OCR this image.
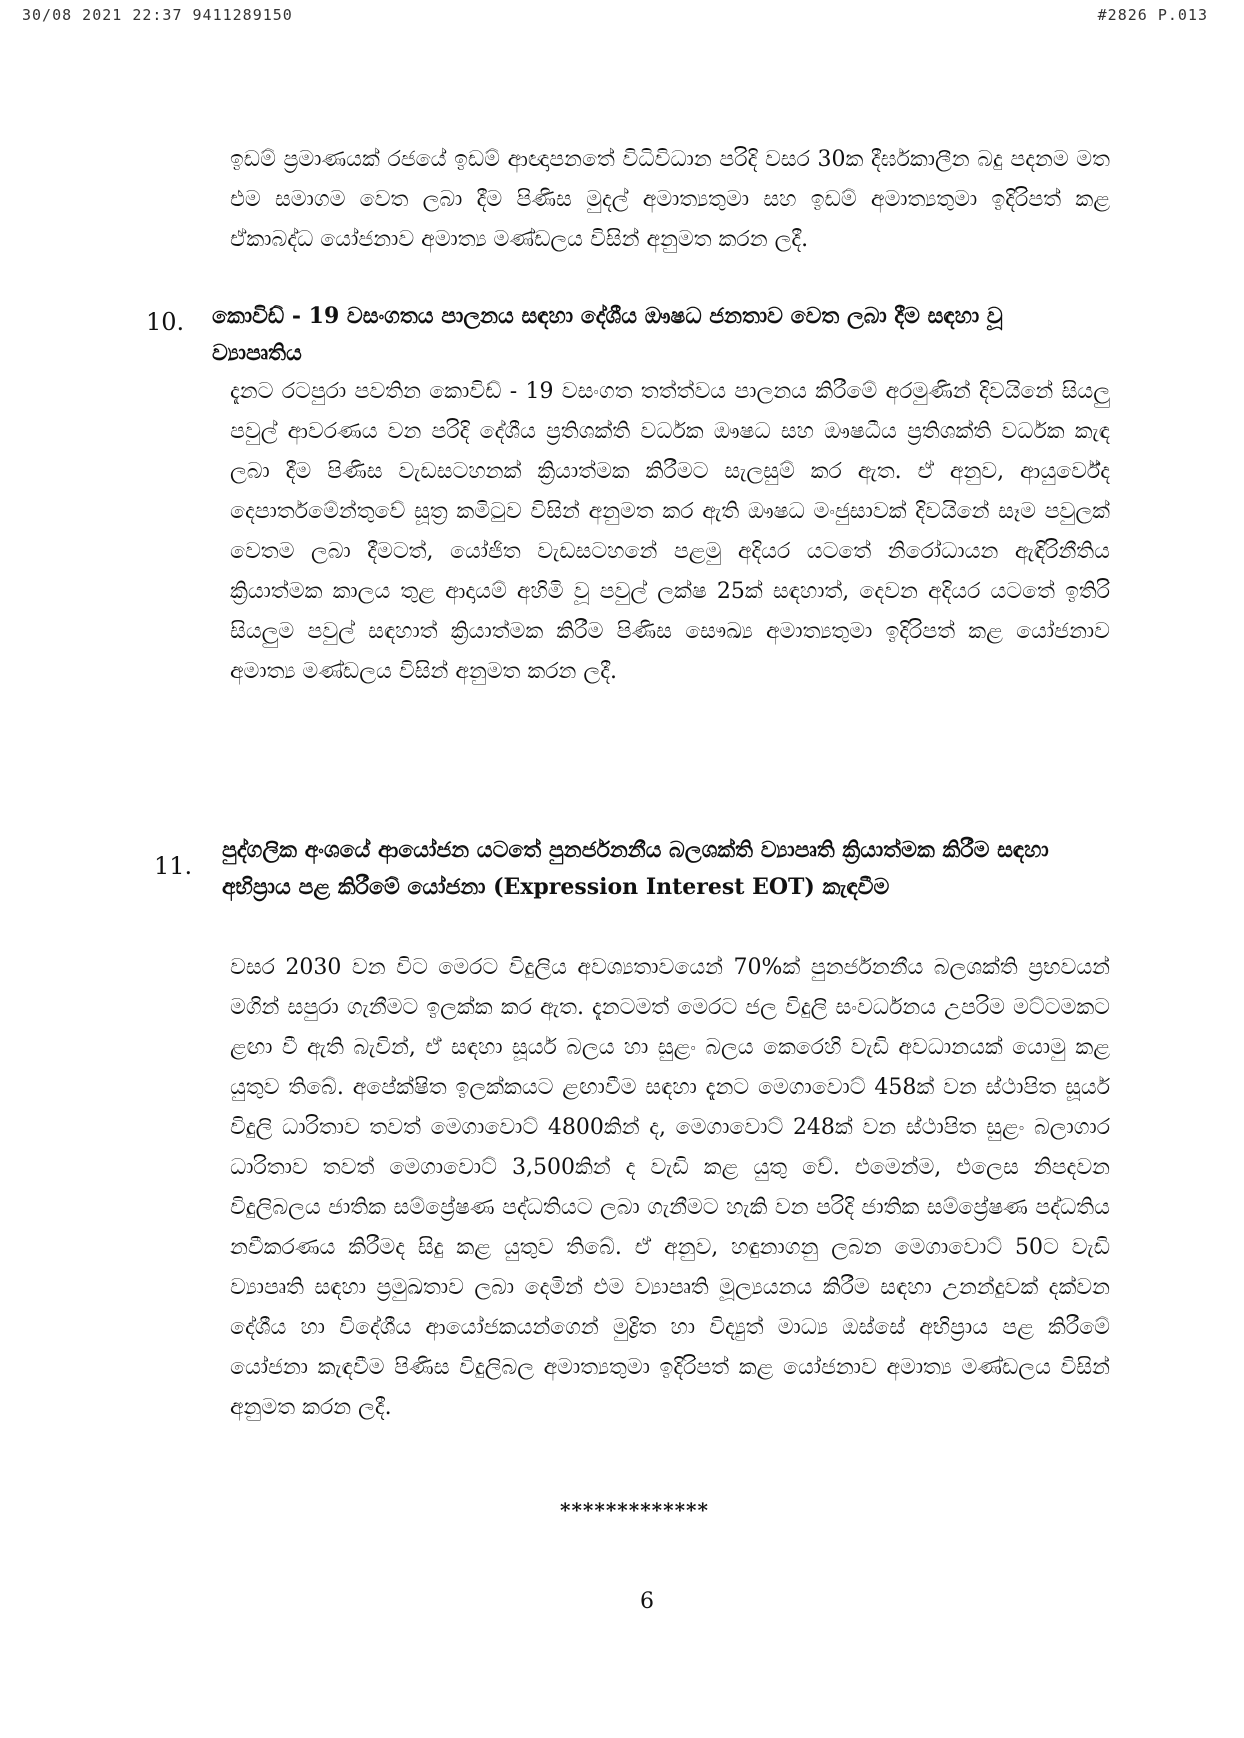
30/08 2021 22:37 9411289150	#2826 P.013
ඉඩම් ප්‍රමාණයක් රජයේ ඉඩම් ආඥාපනතේ විධිවිධාන පරිදි වසර 30ක දීර්ඝකාලීන බදු පදනම මත එම සමාගම වෙත ලබා දීම පිණිස මුදල් අමාත්‍යතුමා සහ ඉඩම් අමාත්‍යතුමා ඉදිරිපත් කළ ඒකාබද්ධ යෝජනාව අමාත්‍ය මණ්ඩලය විසින් අනුමත කරන ලදී.
10. කොවිඩ් - 19 වසංගතය පාලනය සඳහා දේශීය ඖෂධ ජනතාව වෙත ලබා දීම සඳහා වූ ව්‍යාපෘතිය
දැනට රටපුරා පවතින කොවිඩ් - 19 වසංගත තත්ත්වය පාලනය කිරීමේ අරමුණින් දිවයිනේ සියලු පවුල් ආවරණය වන පරිදි දේශීය ප්‍රතිශක්ති වර්ධක ඖෂධ සහ ඖෂධීය ප්‍රතිශක්ති වර්ධක කැඳ ලබා දීම පිණිස වැඩසටහනක් ක්‍රියාත්මක කිරීමට සැලසුම් කර ඇත. ඒ අනුව, ආයුර්වේද දෙපාර්තමේන්තුවේ සූත්‍ර කමිටුව විසින් අනුමත කර ඇති ඖෂධ මංජුසාවක් දිවයිනේ සෑම පවුලක් වෙතම ලබා දීමටත්, යෝජිත වැඩසටහනේ පළමු අදියර යටතේ නිරෝධායන ඇඳිරිනීතිය ක්‍රියාත්මක කාලය තුළ ආදායම් අහිමි වූ පවුල් ලක්ෂ 25ක් සඳහාත්, දෙවන අදියර යටතේ ඉතිරි සියලුම පවුල් සඳහාත් ක්‍රියාත්මක කිරීම පිණිස සෞඛ්‍ය අමාත්‍යතුමා ඉදිරිපත් කළ යෝජනාව අමාත්‍ය මණ්ඩලය විසින් අනුමත කරන ලදී.
11.
පුද්ගලික අංශයේ ආයෝජන යටතේ පුනර්ජනනීය බලශක්ති ව්‍යාපෘති ක්‍රියාත්මක කිරීම සඳහා අභිප්‍රාය පළ කිරීමේ යෝජනා (Expression Interest EOT) කැඳවීම
වසර 2030 වන විට මෙරට විදුලිය අවශ්‍යතාවයෙන් 70%ක් පුනර්ජනනීය බලශක්ති ප්‍රභවයන් මගින් සපුරා ගැනීමට ඉලක්ක කර ඇත. දැනටමත් මෙරට ජල විදුලි සංවර්ධනය උපරිම මට්ටමකට ළඟා වී ඇති බැවින්, ඒ සඳහා සූර්ය බලය හා සුළං බලය කෙරෙහි වැඩි අවධානයක් යොමු කළ යුතුව තිබේ. අපේක්ෂිත ඉලක්කයට ළඟාවීම සඳහා දැනට මෙගාවොට් 458ක් වන ස්ථාපිත සූර්ය විදුලි ධාරිතාව තවත් මෙගාවොට් 4800කින් ද, මෙගාවොට් 248ක් වන ස්ථාපිත සුළං බලාගාර ධාරිතාව තවත් මෙගාවොට් 3,500කින් ද වැඩි කළ යුතු වේ. එමෙන්ම, එලෙස නිපදවන විදුලිබලය ජාතික සම්ප්‍රේෂණ පද්ධතියට ලබා ගැනීමට හැකි වන පරිදි ජාතික සම්ප්‍රේෂණ පද්ධතිය නවීකරණය කිරීමද සිදු කළ යුතුව තිබේ. ඒ අනුව, හඳුනාගනු ලබන මෙගාවොට් 50ට වැඩි ව්‍යාපෘති සඳහා ප්‍රමුඛතාව ලබා දෙමින් එම ව්‍යාපෘති මූල්‍යයනය කිරීම සඳහා උනන්දුවක් දක්වන දේශීය හා විදේශීය ආයෝජකයන්ගෙන් මුද්‍රිත හා විද්‍යුත් මාධ්‍ය ඔස්සේ අභිප්‍රාය පළ කිරීමේ යෝජනා කැඳවීම පිණිස විදුලිබල අමාත්‍යතුමා ඉදිරිපත් කළ යෝජනාව අමාත්‍ය මණ්ඩලය විසින් අනුමත කරන ලදී.
*************
6
